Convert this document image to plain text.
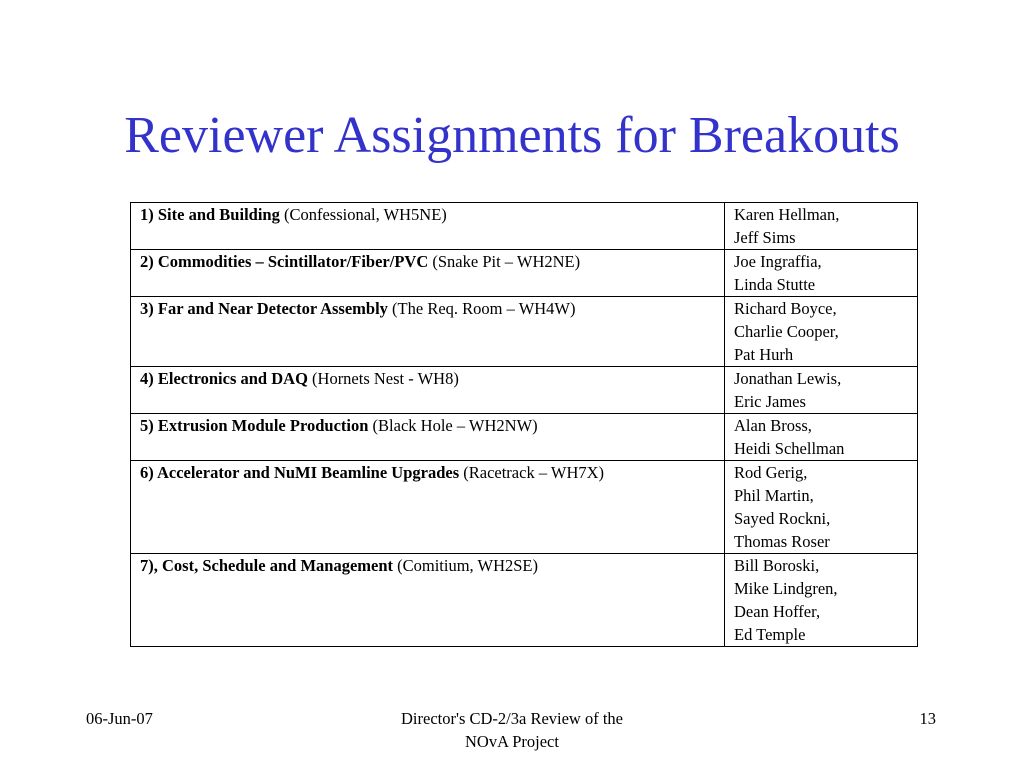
Reviewer Assignments for Breakouts
1) Site and Building (Confessional, WH5NE)	Karen Hellman,
Jeff Sims

2) Commodities – Scintillator/Fiber/PVC (Snake Pit – WH2NE)	Joe Ingraffia,
Linda Stutte

3) Far and Near Detector Assembly (The Req. Room – WH4W)	Richard Boyce,
Charlie Cooper,
Pat Hurh

4) Electronics and DAQ (Hornets Nest - WH8)	Jonathan Lewis,
Eric James

5) Extrusion Module Production (Black Hole – WH2NW)	Alan Bross,
Heidi Schellman

6) Accelerator and NuMI Beamline Upgrades (Racetrack – WH7X)	Rod Gerig,
Phil Martin,
Sayed Rockni,
Thomas Roser

7), Cost, Schedule and Management (Comitium, WH2SE)	Bill Boroski,
Mike Lindgren,
Dean Hoffer,
Ed Temple
06-Jun-07	Director's CD-2/3a Review of the
NOvA Project
13
